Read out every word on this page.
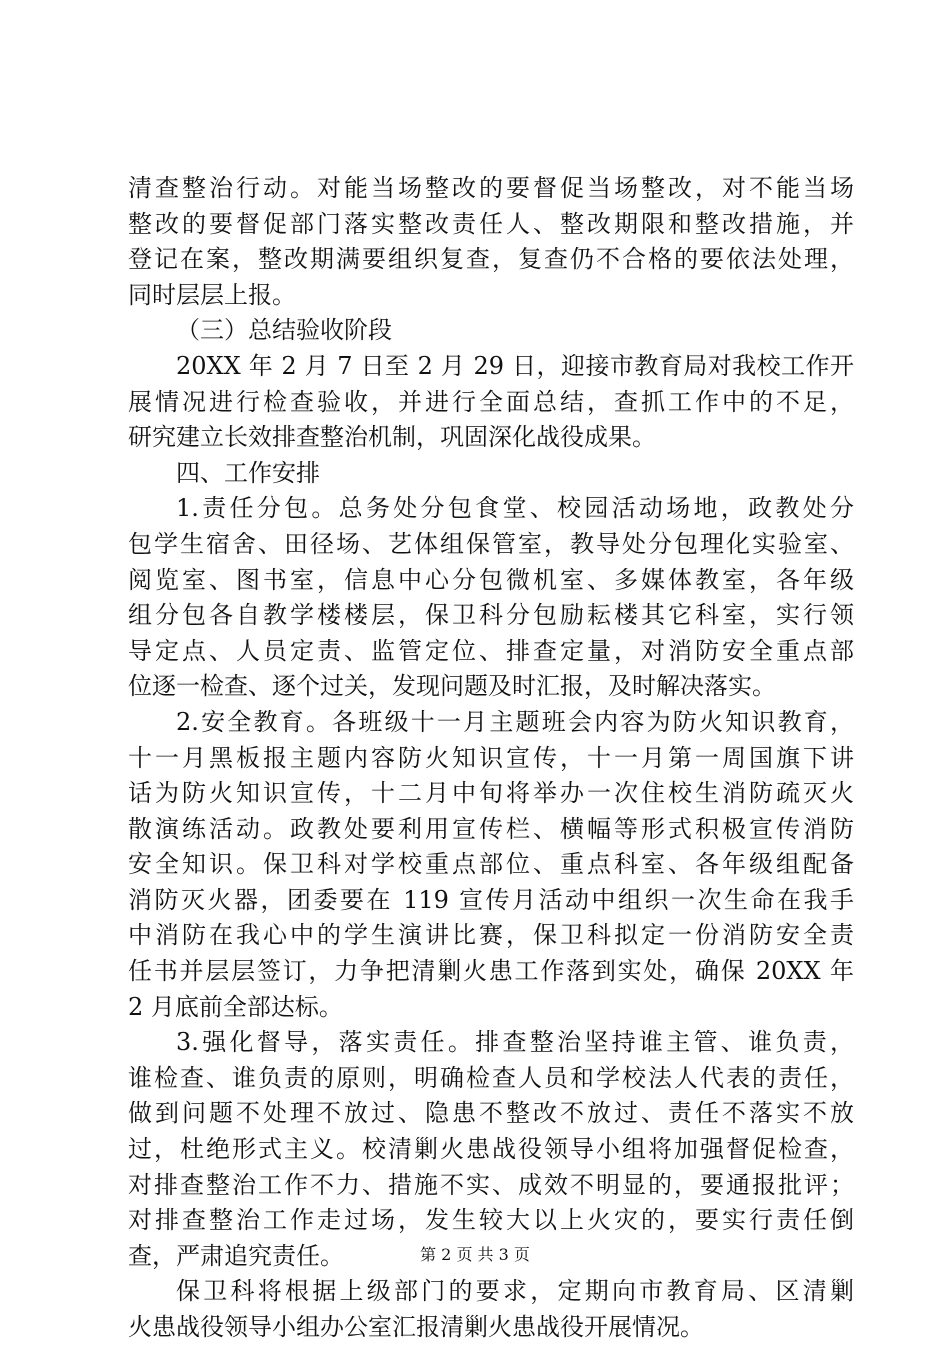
清查整治行动。对能当场整改的要督促当场整改，对不能当场
整改的要督促部门落实整改责任人、整改期限和整改措施，并
登记在案，整改期满要组织复查，复查仍不合格的要依法处理，
同时层层上报。
（三）总结验收阶段
20XX 年 2 月 7 日至 2 月 29 日，迎接市教育局对我校工作开
展情况进行检查验收，并进行全面总结，查抓工作中的不足，
研究建立长效排查整治机制，巩固深化战役成果。
四、工作安排
1.责任分包。总务处分包食堂、校园活动场地，政教处分
包学生宿舍、田径场、艺体组保管室，教导处分包理化实验室、
阅览室、图书室，信息中心分包微机室、多媒体教室，各年级
组分包各自教学楼楼层，保卫科分包励耘楼其它科室，实行领
导定点、人员定责、监管定位、排查定量，对消防安全重点部
位逐一检查、逐个过关，发现问题及时汇报，及时解决落实。
2.安全教育。各班级十一月主题班会内容为防火知识教育，
十一月黑板报主题内容防火知识宣传，十一月第一周国旗下讲
话为防火知识宣传，十二月中旬将举办一次住校生消防疏灭火
散演练活动。政教处要利用宣传栏、横幅等形式积极宣传消防
安全知识。保卫科对学校重点部位、重点科室、各年级组配备
消防灭火器，团委要在 119 宣传月活动中组织一次生命在我手
中消防在我心中的学生演讲比赛，保卫科拟定一份消防安全责
任书并层层签订，力争把清剿火患工作落到实处，确保 20XX 年
2 月底前全部达标。
3.强化督导，落实责任。排查整治坚持谁主管、谁负责，
谁检查、谁负责的原则，明确检查人员和学校法人代表的责任，
做到问题不处理不放过、隐患不整改不放过、责任不落实不放
过，杜绝形式主义。校清剿火患战役领导小组将加强督促检查，
对排查整治工作不力、措施不实、成效不明显的，要通报批评；
对排查整治工作走过场，发生较大以上火灾的，要实行责任倒
查，严肃追究责任。
保卫科将根据上级部门的要求，定期向市教育局、区清剿
火患战役领导小组办公室汇报清剿火患战役开展情况。
第 2 页 共 3 页
